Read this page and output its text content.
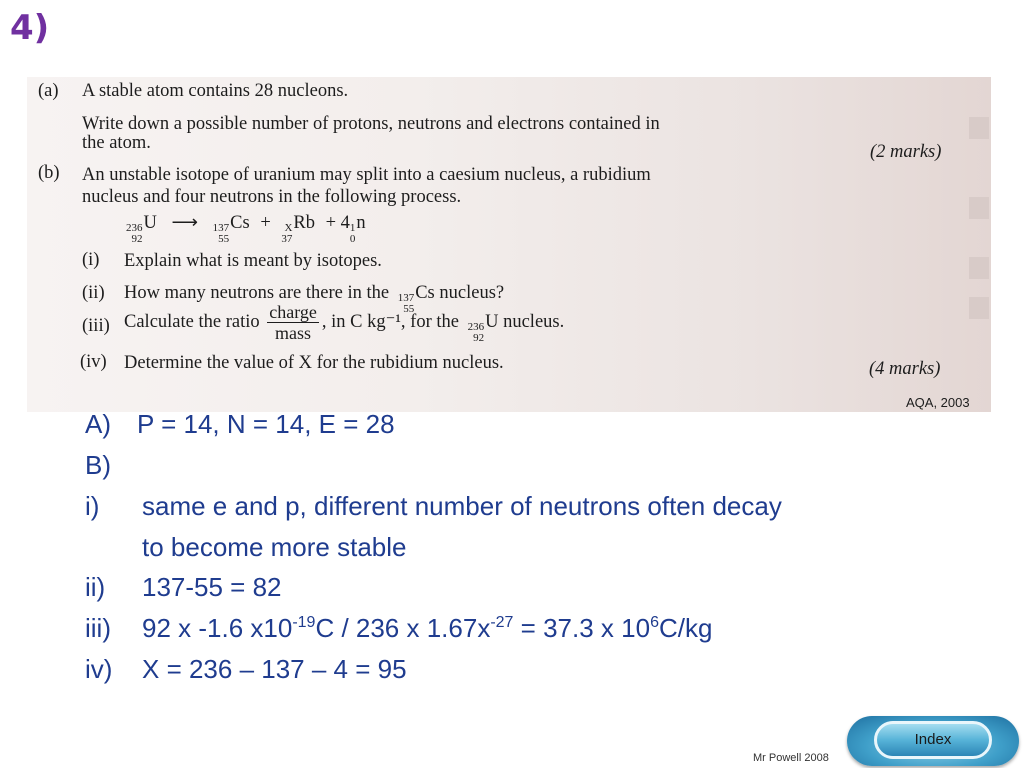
4)
(a) A stable atom contains 28 nucleons.
Write down a possible number of protons, neutrons and electrons contained in
the atom.	(2 marks)
(b) An unstable isotope of uranium may split into a caesium nucleus, a rubidium
nucleus and four neutrons in the following process.
236
92
U ⟶ 137
55
Cs + X
37
Rb + 4 1
0
n
(i) Explain what is meant by isotopes.
(ii) How many neutrons are there in the 137
55
Cs nucleus?
(iii) Calculate the ratio $\frac{\text{charge}}{\text{mass}}$ , in C kg⁻¹, for the 236
92
U nucleus.
(iv) Determine the value of X for the rubidium nucleus.	(4 marks)
AQA, 2003
A) P = 14, N = 14, E = 28
B)
i) same e and p, different number of neutrons often decay
to become more stable
ii) 137-55 = 82
iii) 92 x -1.6 $x10^{-19}C / 236$ x $1.67x^{-27} = 37.3$ x $10^6C/kg$
iv) X = 236 – 137 – 4 = 95
Mr Powell 2008
Index
